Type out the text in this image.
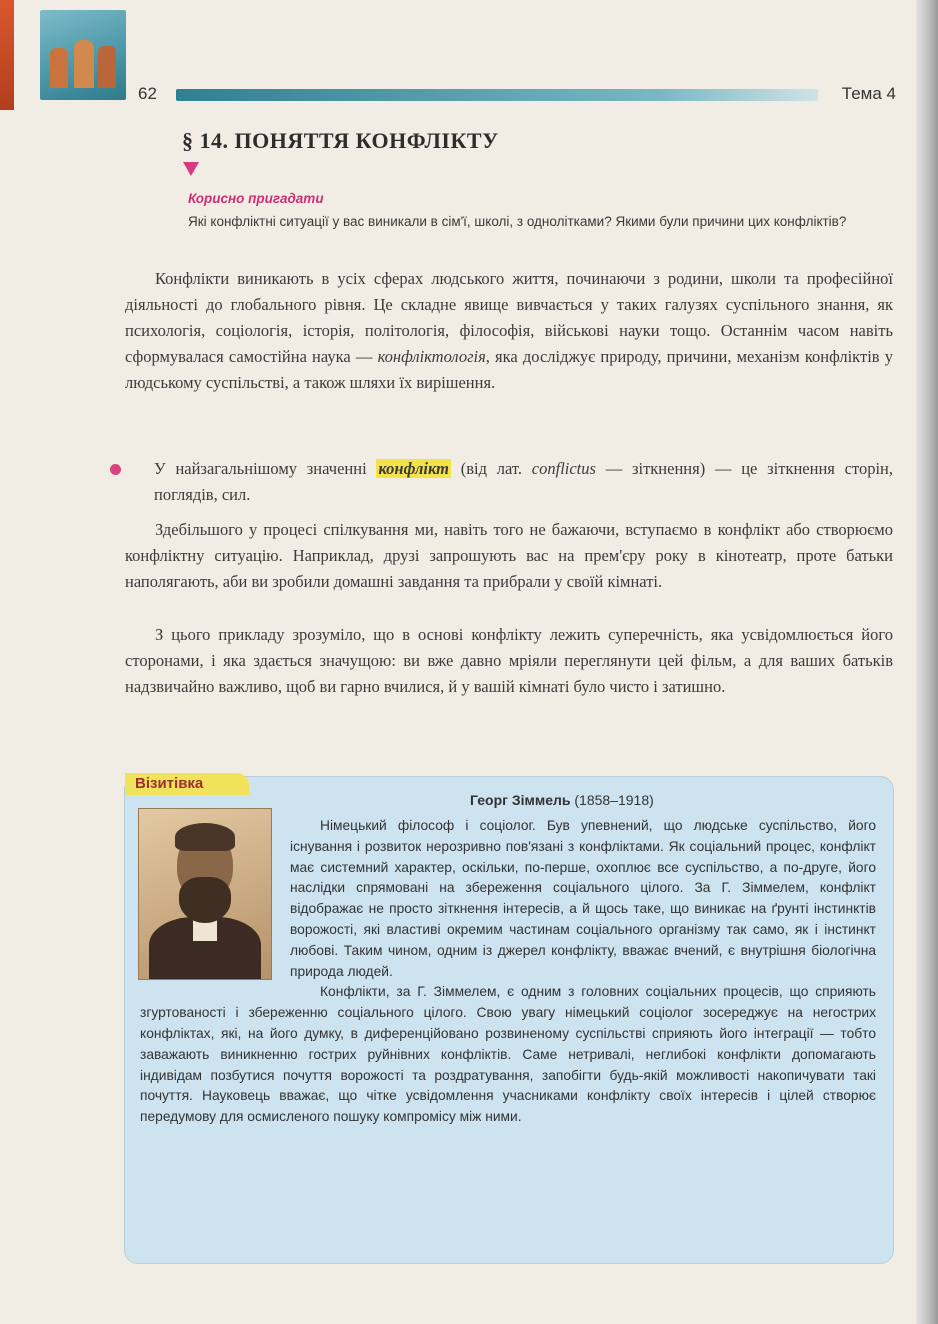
62	Тема 4
§ 14. ПОНЯТТЯ КОНФЛІКТУ
Корисно пригадати
Які конфліктні ситуації у вас виникали в сім'ї, школі, з однолітками? Якими були причини цих конфліктів?

Конфлікти виникають в усіх сферах людського життя, починаючи з родини, школи та професійної діяльності до глобального рівня. Це складне явище вивчається у таких галузях суспільного знання, як психологія, соціологія, історія, політологія, філософія, військові науки тощо. Останнім часом навіть сформувалася самостійна наука — конфліктологія, яка досліджує природу, причини, механізм конфліктів у людському суспільстві, а також шляхи їх вирішення.

У найзагальнішому значенні конфлікт (від лат. conflictus — зіткнення) — це зіткнення сторін, поглядів, сил.

Здебільшого у процесі спілкування ми, навіть того не бажаючи, вступаємо в конфлікт або створюємо конфліктну ситуацію. Наприклад, друзі запрошують вас на прем'єру року в кінотеатр, проте батьки наполягають, аби ви зробили домашні завдання та прибрали у своїй кімнаті.

З цього прикладу зрозуміло, що в основі конфлікту лежить суперечність, яка усвідомлюється його сторонами, і яка здається значущою: ви вже давно мріяли переглянути цей фільм, а для ваших батьків надзвичайно важливо, щоб ви гарно вчилися, й у вашій кімнаті було чисто і затишно.

Візитівка
Георг Зіммель (1858–1918)

Німецький філософ і соціолог. Був упевнений, що людське суспільство, його існування і розвиток нерозривно пов'язані з конфліктами. Як соціальний процес, конфлікт має системний характер, оскільки, по-перше, охоплює все суспільство, а по-друге, його наслідки спрямовані на збереження соціального цілого. За Г. Зіммелем, конфлікт відображає не просто зіткнення інтересів, а й щось таке, що виникає на ґрунті інстинктів ворожості, які властиві окремим частинам соціального організму так само, як і інстинкт любові. Таким чином, одним із джерел конфлікту, вважає вчений, є внутрішня біологічна природа людей.

Конфлікти, за Г. Зіммелем, є одним з головних соціальних процесів, що сприяють згуртованості і збереженню соціального цілого. Свою увагу німецький соціолог зосереджує на негострих конфліктах, які, на його думку, в диференційовано розвиненому суспільстві сприяють його інтеграції — тобто заважають виникненню гострих руйнівних конфліктів. Саме нетривалі, неглибокі конфлікти допомагають індивідам позбутися почуття ворожості та роздратування, запобігти будь-якій можливості накопичувати такі почуття. Науковець вважає, що чітке усвідомлення учасниками конфлікту своїх інтересів і цілей створює передумову для осмисленого пошуку компромісу між ними.
